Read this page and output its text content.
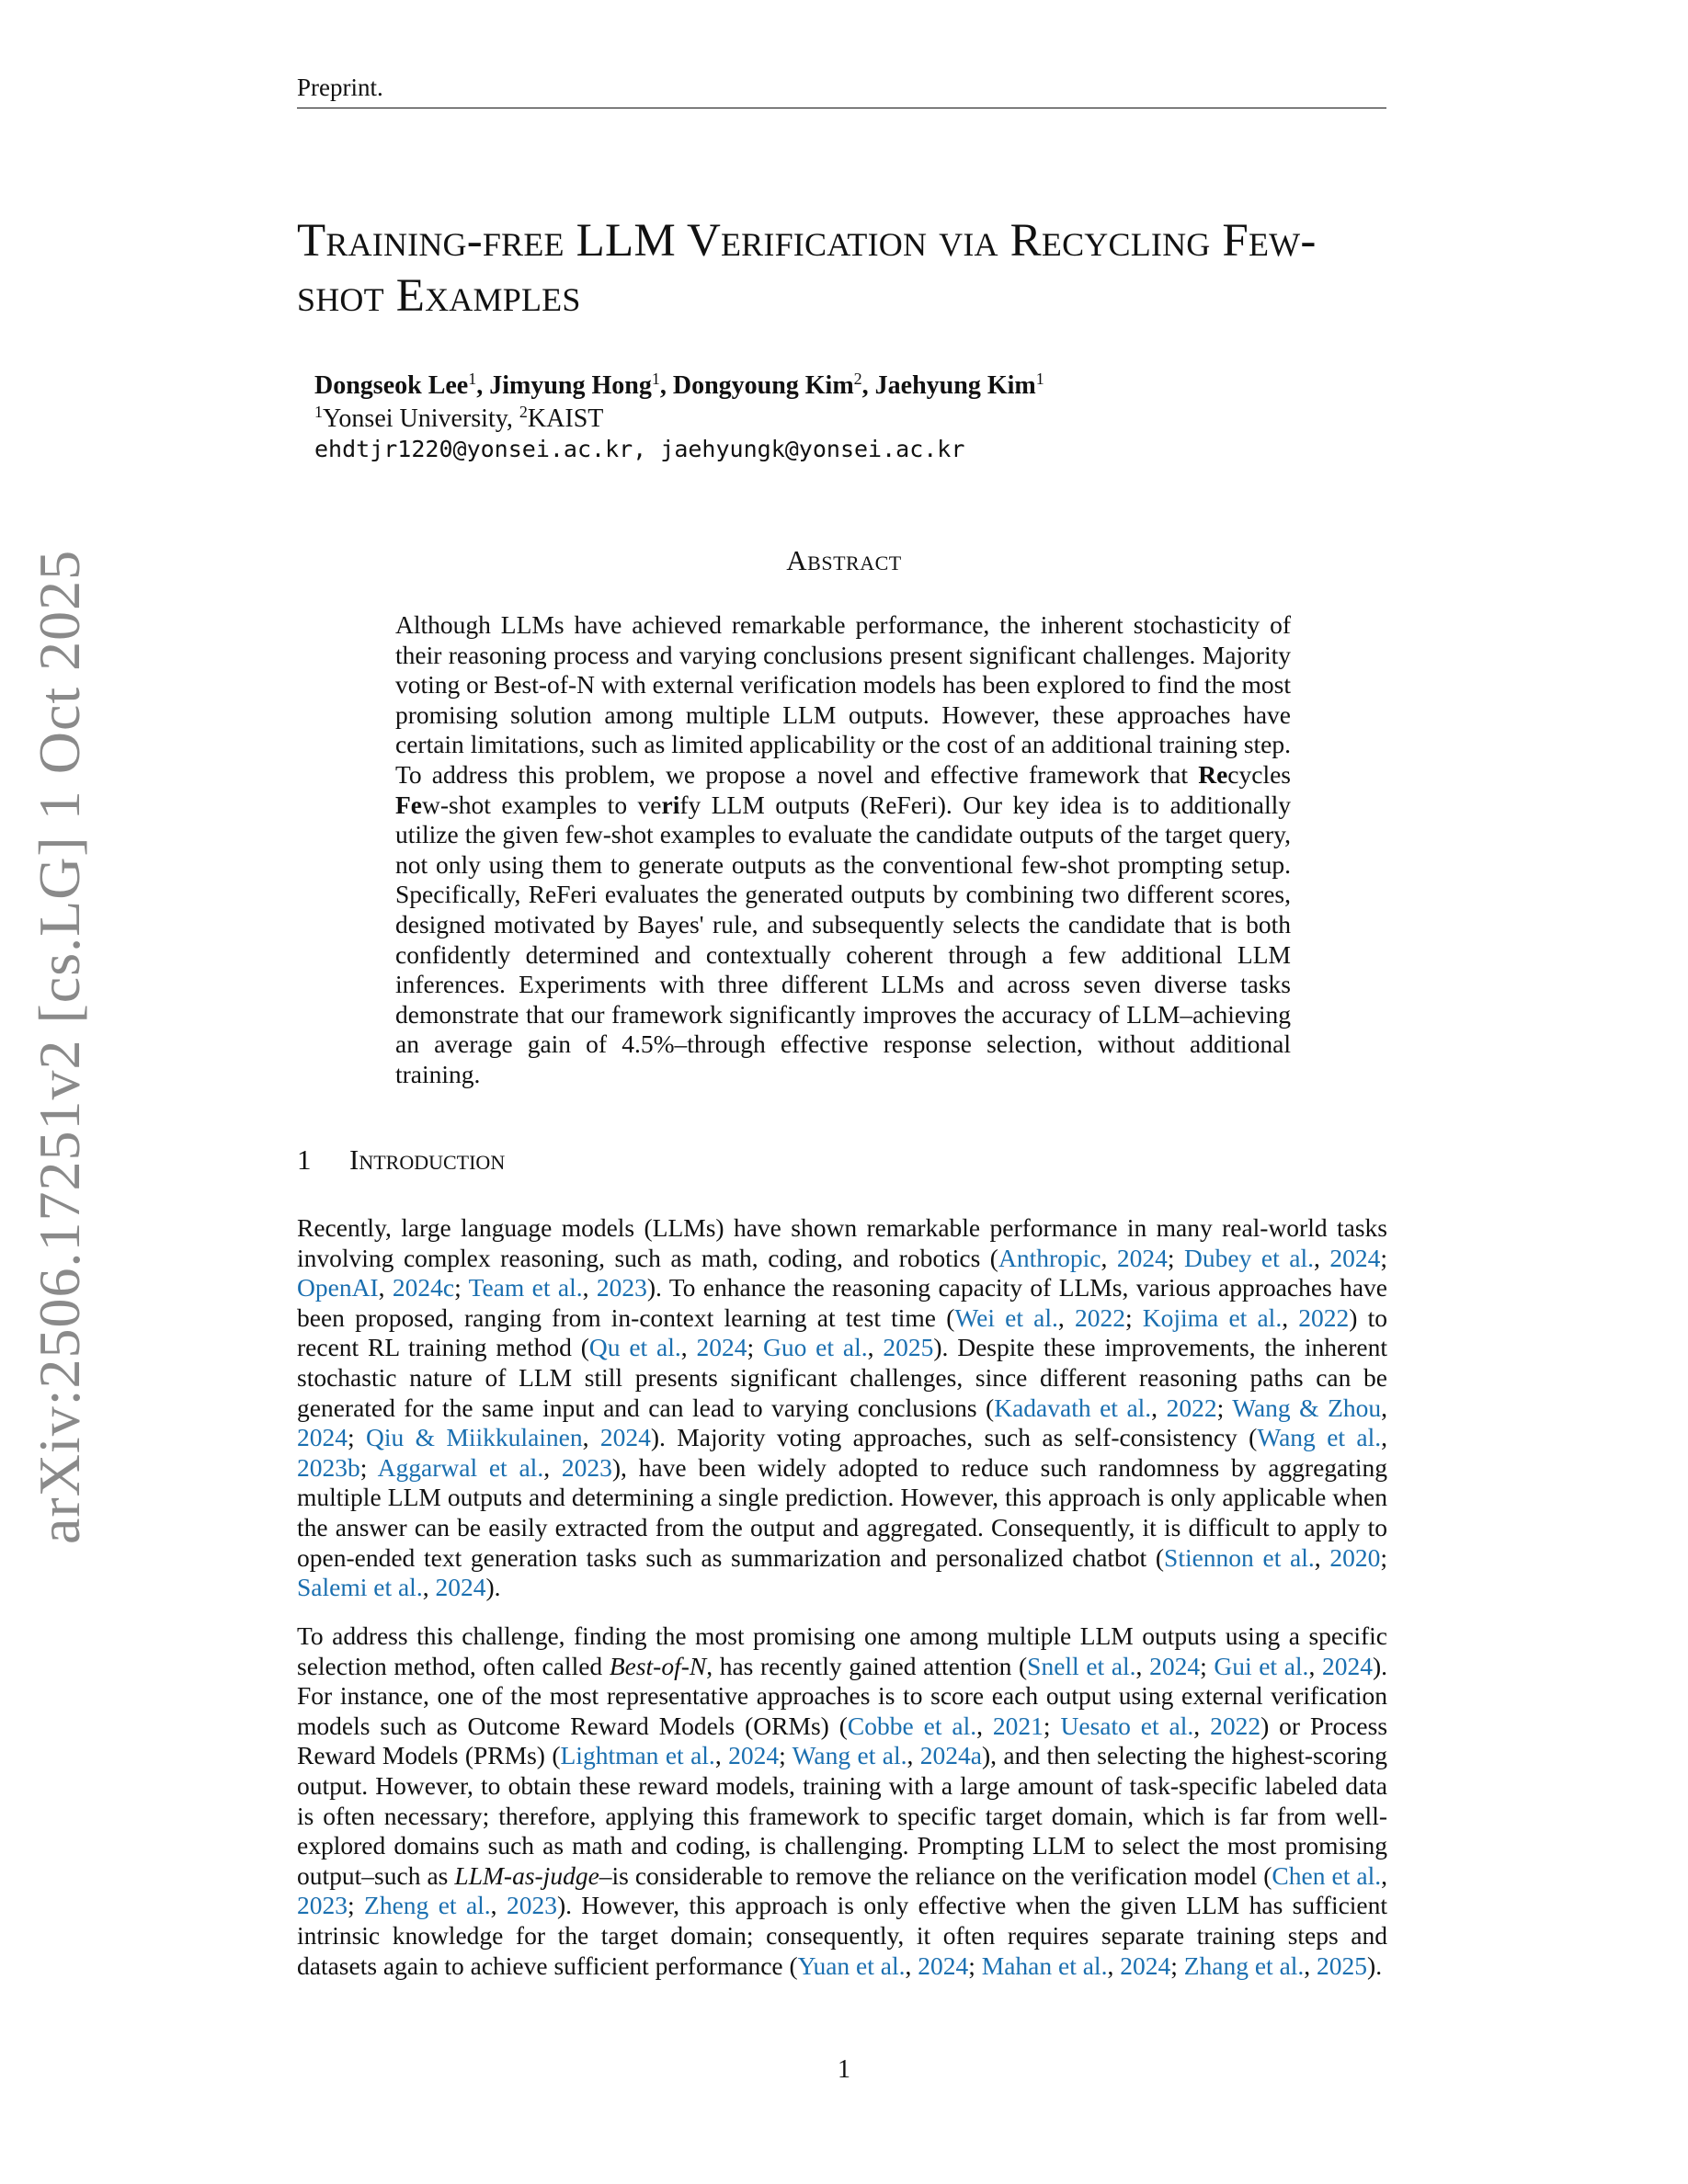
Preprint.
Training-free LLM Verification via Recycling Few-shot Examples
Dongseok Lee$^1$, Jimyung Hong$^1$, Dongyoung Kim$^2$, Jaehyung Kim$^1$
$^1$Yonsei University, $^2$KAIST
ehdtjr1220@yonsei.ac.kr, jaehyungk@yonsei.ac.kr
Abstract

Although LLMs have achieved remarkable performance, the inherent stochasticity of their reasoning process and varying conclusions present significant challenges. Majority voting or Best-of-N with external verification models has been explored to find the most promising solution among multiple LLM outputs. However, these approaches have certain limitations, such as limited applicability or the cost of an additional training step. To address this problem, we propose a novel and effective framework that Recycles Few-shot examples to verify LLM outputs (ReFeri). Our key idea is to additionally utilize the given few-shot examples to evaluate the candidate outputs of the target query, not only using them to generate outputs as the conventional few-shot prompting setup. Specifically, ReFeri evaluates the generated outputs by combining two different scores, designed motivated by Bayes' rule, and subsequently selects the candidate that is both confidently determined and contextually coherent through a few additional LLM inferences. Experiments with three different LLMs and across seven diverse tasks demonstrate that our framework significantly improves the accuracy of LLM–achieving an average gain of 4.5%–through effective response selection, without additional training.

1 Introduction

Recently, large language models (LLMs) have shown remarkable performance in many real-world tasks involving complex reasoning, such as math, coding, and robotics (Anthropic, 2024; Dubey et al., 2024; OpenAI, 2024c; Team et al., 2023). To enhance the reasoning capacity of LLMs, various approaches have been proposed, ranging from in-context learning at test time (Wei et al., 2022; Kojima et al., 2022) to recent RL training method (Qu et al., 2024; Guo et al., 2025). Despite these improvements, the inherent stochastic nature of LLM still presents significant challenges, since different reasoning paths can be generated for the same input and can lead to varying conclusions (Kadavath et al., 2022; Wang & Zhou, 2024; Qiu & Miikkulainen, 2024). Majority voting approaches, such as self-consistency (Wang et al., 2023b; Aggarwal et al., 2023), have been widely adopted to reduce such randomness by aggregating multiple LLM outputs and determining a single prediction. However, this approach is only applicable when the answer can be easily extracted from the output and aggregated. Consequently, it is difficult to apply to open-ended text generation tasks such as summarization and personalized chatbot (Stiennon et al., 2020; Salemi et al., 2024).

To address this challenge, finding the most promising one among multiple LLM outputs using a specific selection method, often called Best-of-N, has recently gained attention (Snell et al., 2024; Gui et al., 2024). For instance, one of the most representative approaches is to score each output using external verification models such as Outcome Reward Models (ORMs) (Cobbe et al., 2021; Uesato et al., 2022) or Process Reward Models (PRMs) (Lightman et al., 2024; Wang et al., 2024a), and then selecting the highest-scoring output. However, to obtain these reward models, training with a large amount of task-specific labeled data is often necessary; therefore, applying this framework to specific target domain, which is far from well-explored domains such as math and coding, is challenging. Prompting LLM to select the most promising output–such as LLM-as-judge–is considerable to remove the reliance on the verification model (Chen et al., 2023; Zheng et al., 2023). However, this approach is only effective when the given LLM has sufficient intrinsic knowledge for the target domain; consequently, it often requires separate training steps and datasets again to achieve sufficient performance (Yuan et al., 2024; Mahan et al., 2024; Zhang et al., 2025).

1
arXiv:2506.17251v2 [cs.LG] 1 Oct 2025
